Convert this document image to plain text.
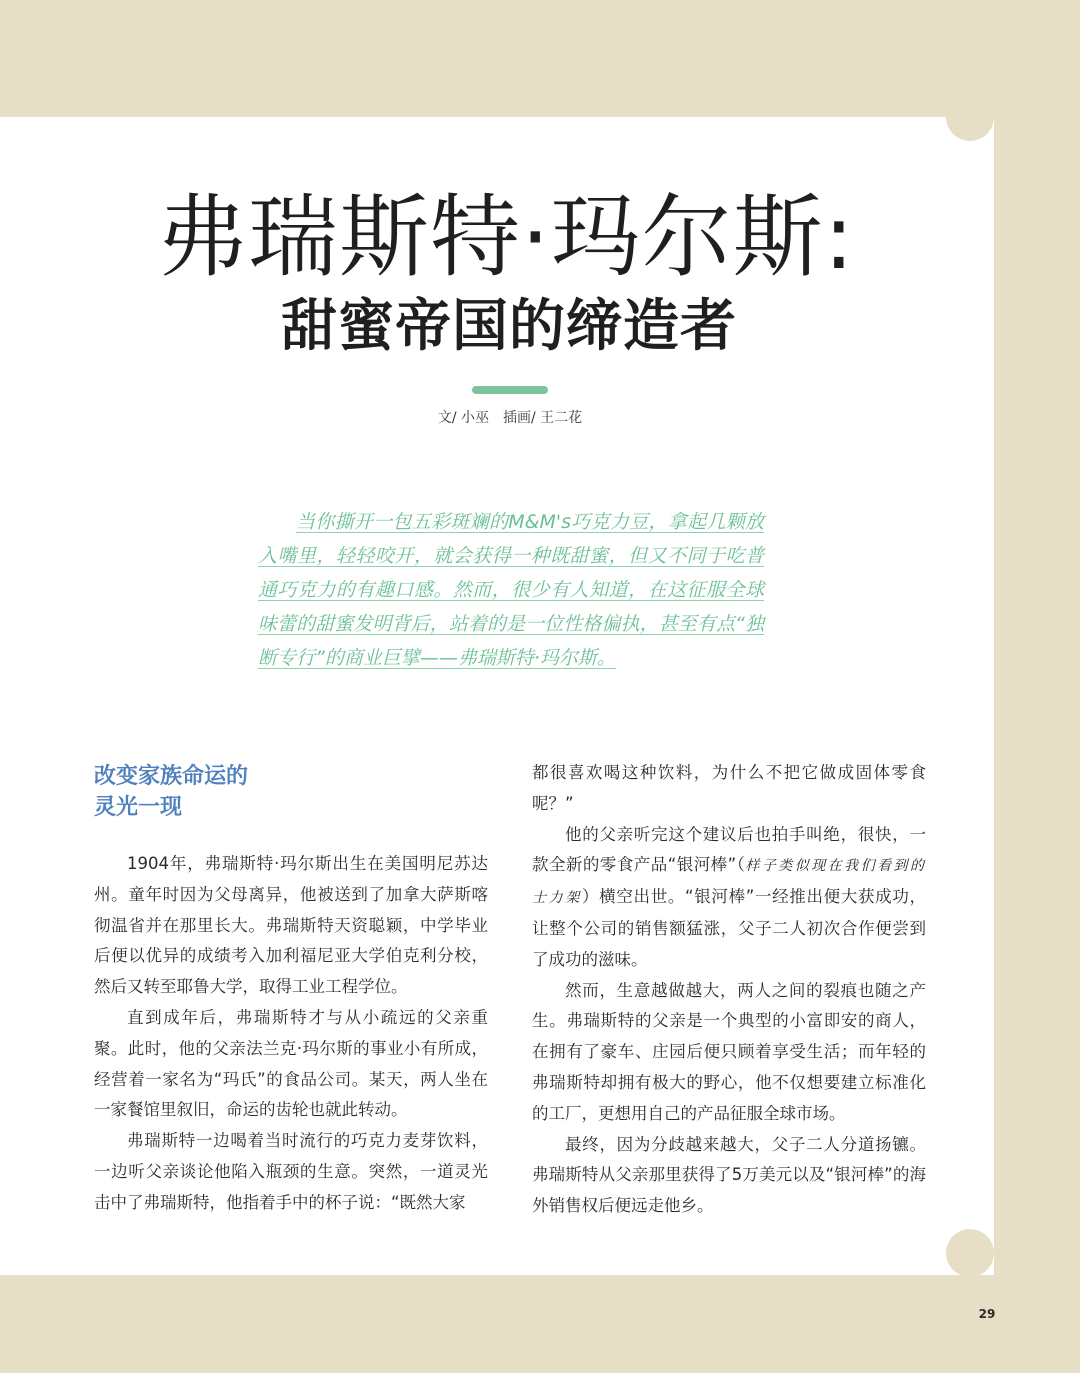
弗瑞斯特·玛尔斯:
甜蜜帝国的缔造者
文/ 小巫　插画/ 王二花
当你撕开一包五彩斑斓的M&M's巧克力豆，拿起几颗放入嘴里，轻轻咬开，就会获得一种既甜蜜，但又不同于吃普通巧克力的有趣口感。然而，很少有人知道，在这征服全球味蕾的甜蜜发明背后，站着的是一位性格偏执，甚至有点“独断专行”的商业巨擘——弗瑞斯特·玛尔斯。
改变家族命运的
灵光一现

1904年，弗瑞斯特·玛尔斯出生在美国明尼苏达州。童年时因为父母离异，他被送到了加拿大萨斯喀彻温省并在那里长大。弗瑞斯特天资聪颖，中学毕业后便以优异的成绩考入加利福尼亚大学伯克利分校，然后又转至耶鲁大学，取得工业工程学位。

直到成年后，弗瑞斯特才与从小疏远的父亲重聚。此时，他的父亲法兰克·玛尔斯的事业小有所成，经营着一家名为“玛氏”的食品公司。某天，两人坐在一家餐馆里叙旧，命运的齿轮也就此转动。

弗瑞斯特一边喝着当时流行的巧克力麦芽饮料，一边听父亲谈论他陷入瓶颈的生意。突然，一道灵光击中了弗瑞斯特，他指着手中的杯子说：“既然大家

都很喜欢喝这种饮料，为什么不把它做成固体零食呢？”

他的父亲听完这个建议后也拍手叫绝，很快，一款全新的零食产品“银河棒”（样子类似现在我们看到的士力架）横空出世。“银河棒”一经推出便大获成功，让整个公司的销售额猛涨，父子二人初次合作便尝到了成功的滋味。

然而，生意越做越大，两人之间的裂痕也随之产生。弗瑞斯特的父亲是一个典型的小富即安的商人，在拥有了豪车、庄园后便只顾着享受生活；而年轻的弗瑞斯特却拥有极大的野心，他不仅想要建立标准化的工厂，更想用自己的产品征服全球市场。

最终，因为分歧越来越大，父子二人分道扬镳。弗瑞斯特从父亲那里获得了5万美元以及“银河棒”的海外销售权后便远走他乡。

29
